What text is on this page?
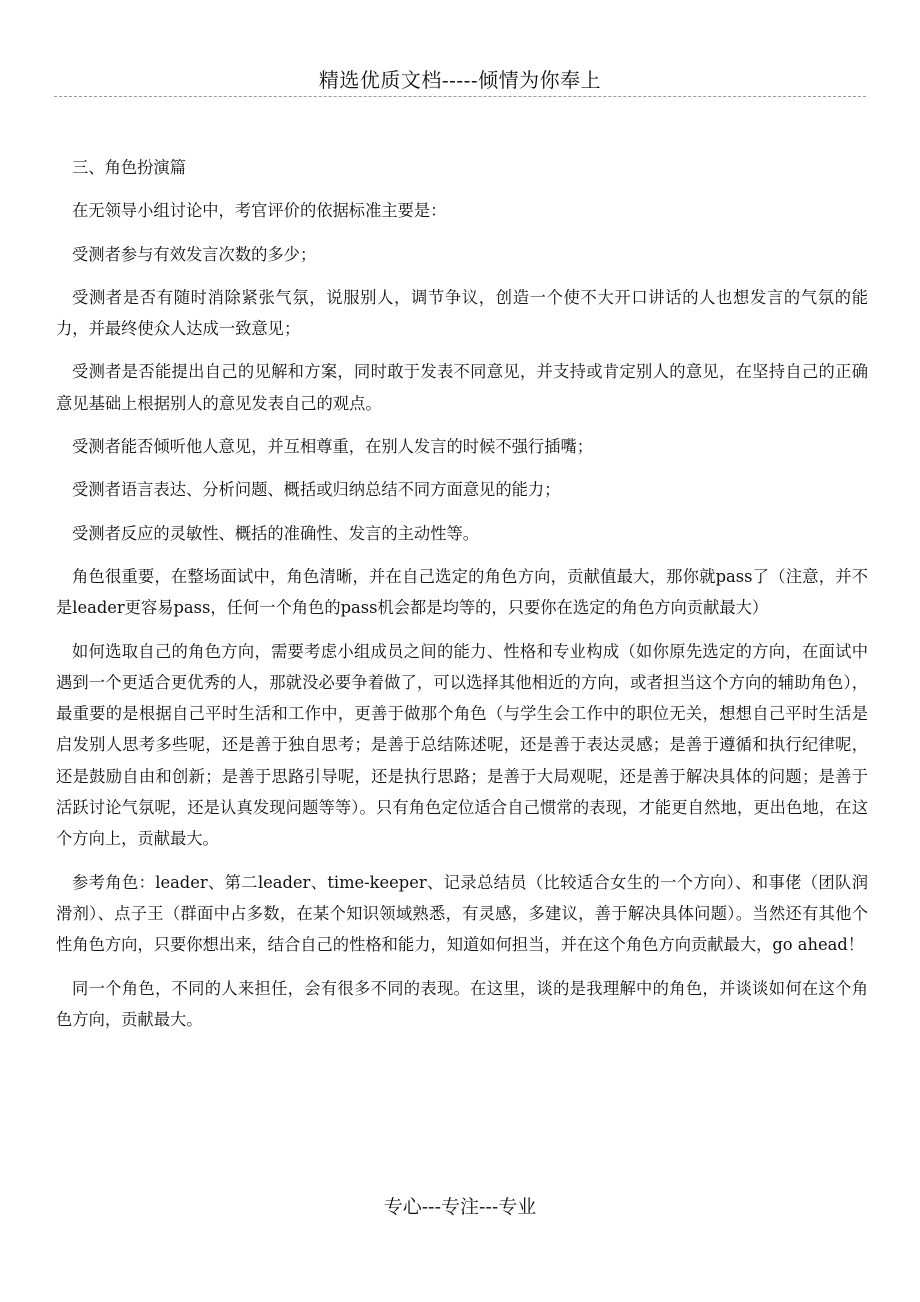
精选优质文档-----倾情为你奉上

三、角色扮演篇

在无领导小组讨论中，考官评价的依据标准主要是：

受测者参与有效发言次数的多少；

受测者是否有随时消除紧张气氛，说服别人，调节争议，创造一个使不大开口讲话的人也想发言的气氛的能力，并最终使众人达成一致意见；

受测者是否能提出自己的见解和方案，同时敢于发表不同意见，并支持或肯定别人的意见，在坚持自己的正确意见基础上根据别人的意见发表自己的观点。

受测者能否倾听他人意见，并互相尊重，在别人发言的时候不强行插嘴；

受测者语言表达、分析问题、概括或归纳总结不同方面意见的能力；

受测者反应的灵敏性、概括的准确性、发言的主动性等。

角色很重要，在整场面试中，角色清晰，并在自己选定的角色方向，贡献值最大，那你就pass了（注意，并不是leader更容易pass，任何一个角色的pass机会都是均等的，只要你在选定的角色方向贡献最大）

如何选取自己的角色方向，需要考虑小组成员之间的能力、性格和专业构成（如你原先选定的方向，在面试中遇到一个更适合更优秀的人，那就没必要争着做了，可以选择其他相近的方向，或者担当这个方向的辅助角色），最重要的是根据自己平时生活和工作中，更善于做那个角色（与学生会工作中的职位无关，想想自己平时生活是启发别人思考多些呢，还是善于独自思考；是善于总结陈述呢，还是善于表达灵感；是善于遵循和执行纪律呢，还是鼓励自由和创新；是善于思路引导呢，还是执行思路；是善于大局观呢，还是善于解决具体的问题；是善于活跃讨论气氛呢，还是认真发现问题等等）。只有角色定位适合自己惯常的表现，才能更自然地，更出色地，在这个方向上，贡献最大。

参考角色：leader、第二leader、time-keeper、记录总结员（比较适合女生的一个方向）、和事佬（团队润滑剂）、点子王（群面中占多数，在某个知识领域熟悉，有灵感，多建议，善于解决具体问题）。当然还有其他个性角色方向，只要你想出来，结合自己的性格和能力，知道如何担当，并在这个角色方向贡献最大，go ahead！

同一个角色，不同的人来担任，会有很多不同的表现。在这里，谈的是我理解中的角色，并谈谈如何在这个角色方向，贡献最大。

专心---专注---专业
